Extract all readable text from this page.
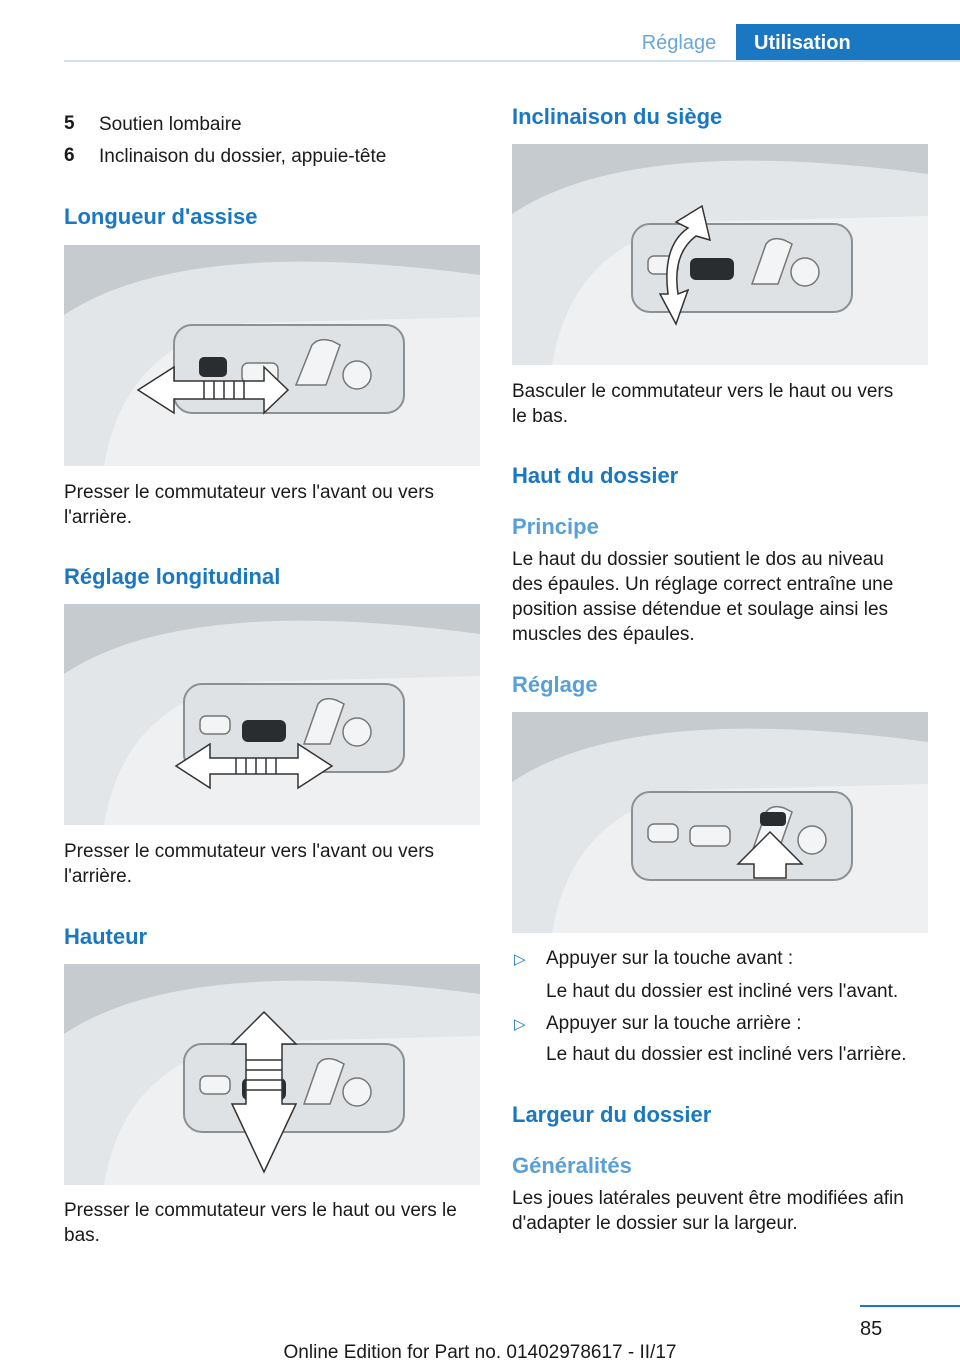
Réglage	Utilisation
5 Soutien lombaire
6 Inclinaison du dossier, appuie-tête
Longueur d'assise
Presser le commutateur vers l'avant ou vers
l'arrière.
Réglage longitudinal
Presser le commutateur vers l'avant ou vers
l'arrière.
Hauteur
Presser le commutateur vers le haut ou vers le
bas.
Inclinaison du siège
Basculer le commutateur vers le haut ou vers
le bas.
Haut du dossier
Principe
Le haut du dossier soutient le dos au niveau
des épaules. Un réglage correct entraîne une
position assise détendue et soulage ainsi les
muscles des épaules.
Réglage
▷ Appuyer sur la touche avant :
Le haut du dossier est incliné vers l'avant.
▷ Appuyer sur la touche arrière :
Le haut du dossier est incliné vers l'arrière.
Largeur du dossier
Généralités
Les joues latérales peuvent être modifiées afin
d'adapter le dossier sur la largeur.
85
Online Edition for Part no. 01402978617 - II/17
